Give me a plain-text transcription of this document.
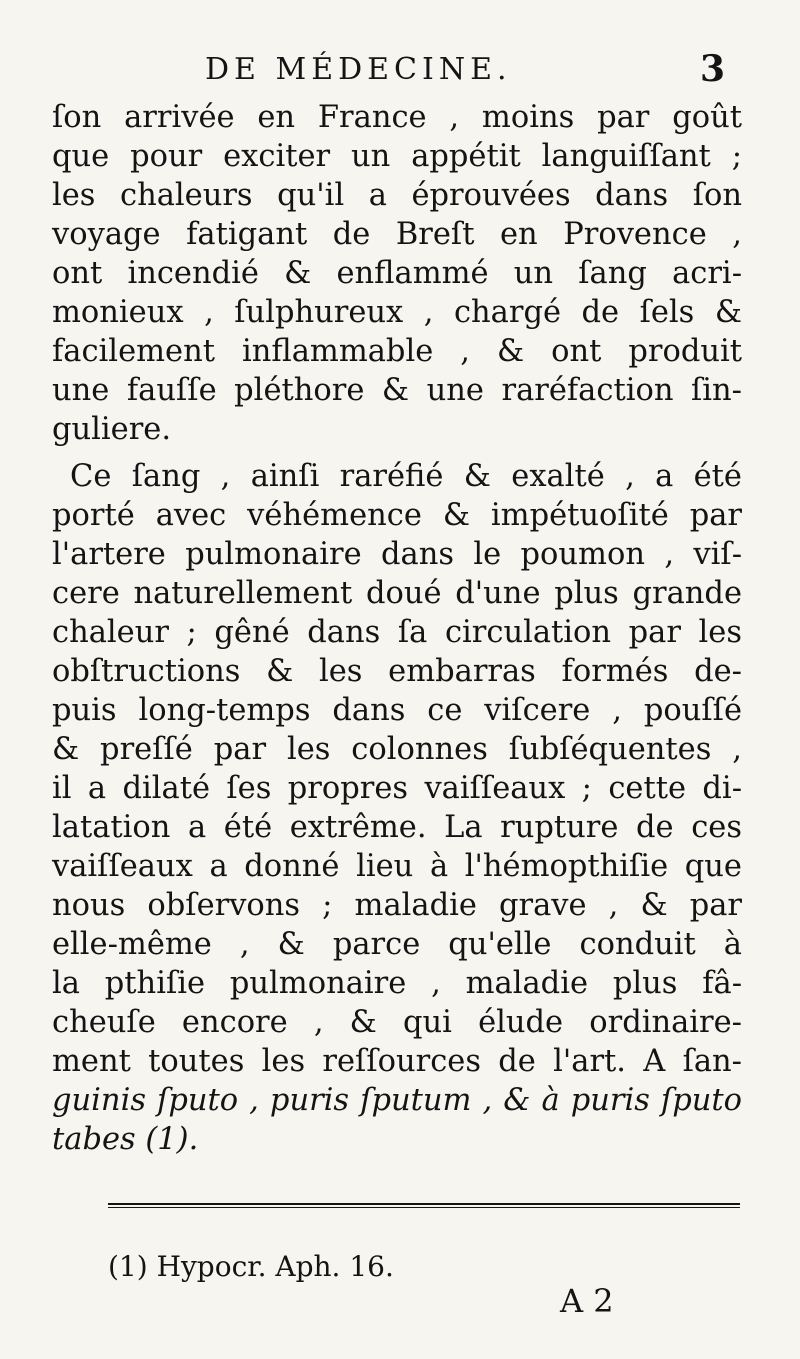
DE MÉDECINE.	3
ſon arrivée en France , moins par goût
que pour exciter un appétit languiſſant ;
les chaleurs qu'il a éprouvées dans ſon
voyage fatigant de Breſt en Provence ,
ont incendié & enflammé un ſang acri-
monieux , ſulphureux , chargé de ſels &
facilement inflammable , & ont produit
une fauſſe pléthore & une raréfaction ſin-
guliere.
Ce ſang , ainſi raréfié & exalté , a été
porté avec véhémence & impétuoſité par
l'artere pulmonaire dans le poumon , viſ-
cere naturellement doué d'une plus grande
chaleur ; gêné dans ſa circulation par les
obſtructions & les embarras formés de-
puis long-temps dans ce viſcere , pouſſé
& preſſé par les colonnes ſubſéquentes ,
il a dilaté ſes propres vaiſſeaux ; cette di-
latation a été extrême. La rupture de ces
vaiſſeaux a donné lieu à l'hémopthiſie que
nous obſervons ; maladie grave , & par
elle-même , & parce qu'elle conduit à
la pthiſie pulmonaire , maladie plus fâ-
cheuſe encore , & qui élude ordinaire-
ment toutes les reſſources de l'art. A ſan-
guinis ſputo , puris ſputum , & à puris ſputo
tabes (1).
(1) Hypocr. Aph. 16.
A 2
